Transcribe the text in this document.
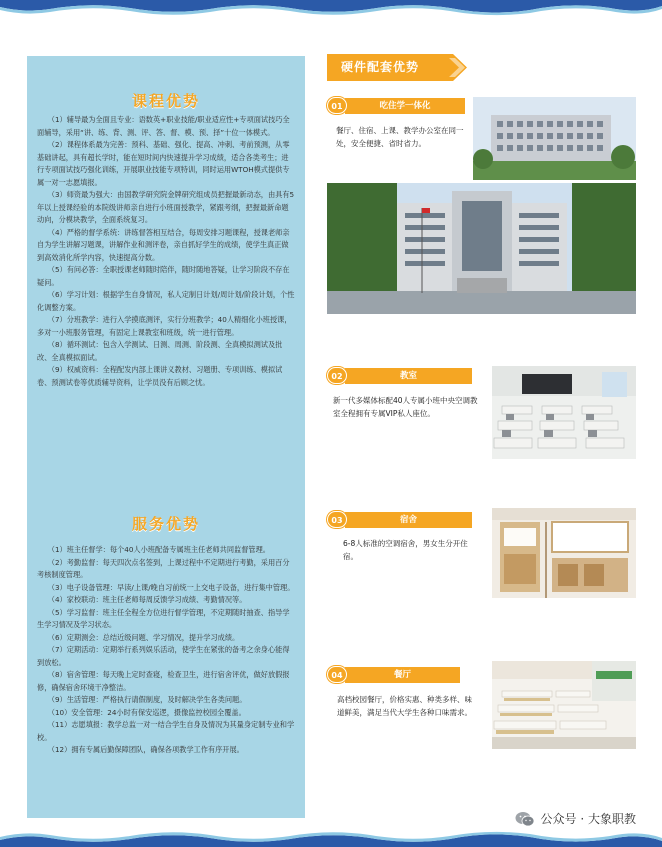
课程优势

（1）辅导最为全面且专业：语数英+职业技能/职业适应性+专项面试技巧全面辅导，采用“讲、练、背、测、评、答、督、模、预、择”十位一体模式。

（2）课程体系最为完善：预科、基础、强化、提高、冲刺、考前预测，从零基础讲起，具有超长学时，能在短时间内快速提升学习成绩，适合各类考生；进行专项面试技巧强化训练，开展职业技能专项特训，同时运用WTOH模式提供专属一对一志愿填报。

（3）师资最为强大：由国教学研究院金牌研究组成员把握最新动态，由具有5年以上授课经验的本院级讲师亲自进行小班面授教学，紧跟考纲，把握最新命题动向，分模块教学，全面系统复习。

（4）严格的督学系统：讲练督答相互结合，每周安排习题课程，授课老师亲自为学生讲解习题课，讲解作业和测评卷，亲自抓好学生的成绩，使学生真正做到高效消化所学内容，快速提高分数。

（5）有问必答：全职授课老师随时陪伴，随时随地答疑，让学习阶段不存在疑问。

（6）学习计划：根据学生自身情况，私人定制日计划/周计划/阶段计划，个性化调整方案。

（7）分班教学：进行入学摸底测评，实行分班教学；40人精细化小班授课，多对一小班服务管理，有固定上课教室和班级，统一进行管理。

（8）循环测试：包含入学测试、日测、周测、阶段测、全真模拟测试及批改、全真模拟面试。

（9）权威资料：全程配发内部上课讲义教材、习题册、专项训练、模拟试卷、预测试卷等优质辅导资料，让学员没有后顾之忧。

服务优势

（1）班主任督学：每个40人小班配备专属班主任老师共同监督管理。

（2）考勤监督：每天四次点名签到，上课过程中不定期进行考勤，采用百分考核制度管理。

（3）电子设备管理：早读/上课/晚自习前统一上交电子设备，进行集中管理。

（4）家校联动：班主任老师每周反馈学习成绩、考勤情况等。

（5）学习监督：班主任全程全方位进行督学管理，不定期随时抽查、指导学生学习情况及学习状态。

（6）定期测会：总结近级问题、学习情况，提升学习成绩。

（7）定期活动：定期举行系列娱乐活动，使学生在紧张的备考之余身心能得到放松。

（8）宿舍管理：每天晚上定时查寝，检查卫生，进行宿舍评优，做好放假报修，确保宿舍环境干净整洁。

（9）生活管理：严格执行请假制度，及时解决学生各类问题。

（10）安全管理：24小时有保安巡逻，摄像监控校园全覆盖。

（11）志愿填报：教学总监一对一结合学生自身及情况为其量身定制专业和学校。

（12）拥有专属后勤保障团队，确保各项教学工作有序开展。

硬件配套优势
吃住学一体化
01
餐厅、住宿、上课、教学办公室在同一处，安全便捷、省时省力。
教室
02
新一代多媒体标配40人专属小班中央空调教室全程拥有专属VIP私人座位。
宿舍
03
6-8人标准的空调宿舍，男女生分开住宿。
餐厅
04
高档校园餐厅，价格实惠、种类多样、味道鲜美，满足当代大学生各种口味需求。
公众号 · 大象职教
